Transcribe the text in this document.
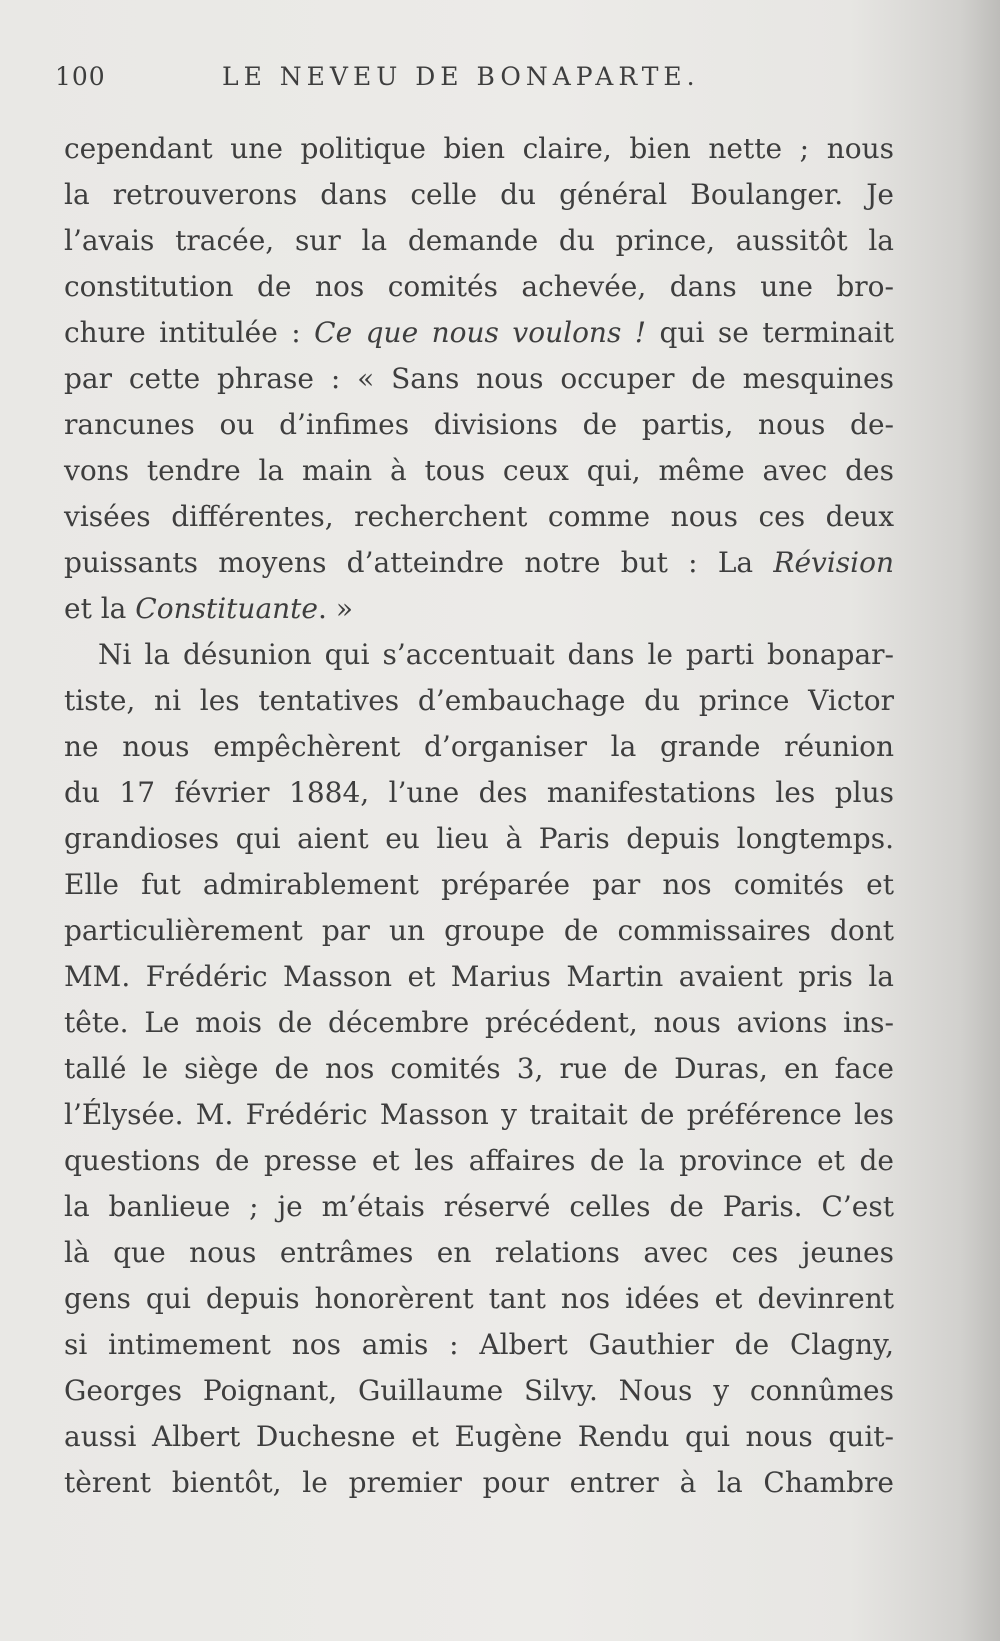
100	LE NEVEU DE BONAPARTE.
cependant une politique bien claire, bien nette ; nous
la retrouverons dans celle du général Boulanger. Je
l’avais tracée, sur la demande du prince, aussitôt la
constitution de nos comités achevée, dans une bro-
chure intitulée : Ce que nous voulons ! qui se terminait
par cette phrase : « Sans nous occuper de mesquines
rancunes ou d’infimes divisions de partis, nous de-
vons tendre la main à tous ceux qui, même avec des
visées différentes, recherchent comme nous ces deux
puissants moyens d’atteindre notre but : La Révision
et la Constituante. »
Ni la désunion qui s’accentuait dans le parti bonapar-
tiste, ni les tentatives d’embauchage du prince Victor
ne nous empêchèrent d’organiser la grande réunion
du 17 février 1884, l’une des manifestations les plus
grandioses qui aient eu lieu à Paris depuis longtemps.
Elle fut admirablement préparée par nos comités et
particulièrement par un groupe de commissaires dont
MM. Frédéric Masson et Marius Martin avaient pris la
tête. Le mois de décembre précédent, nous avions ins-
tallé le siège de nos comités 3, rue de Duras, en face
l’Élysée. M. Frédéric Masson y traitait de préférence les
questions de presse et les affaires de la province et de
la banlieue ; je m’étais réservé celles de Paris. C’est
là que nous entrâmes en relations avec ces jeunes
gens qui depuis honorèrent tant nos idées et devinrent
si intimement nos amis : Albert Gauthier de Clagny,
Georges Poignant, Guillaume Silvy. Nous y connûmes
aussi Albert Duchesne et Eugène Rendu qui nous quit-
tèrent bientôt, le premier pour entrer à la Chambre
